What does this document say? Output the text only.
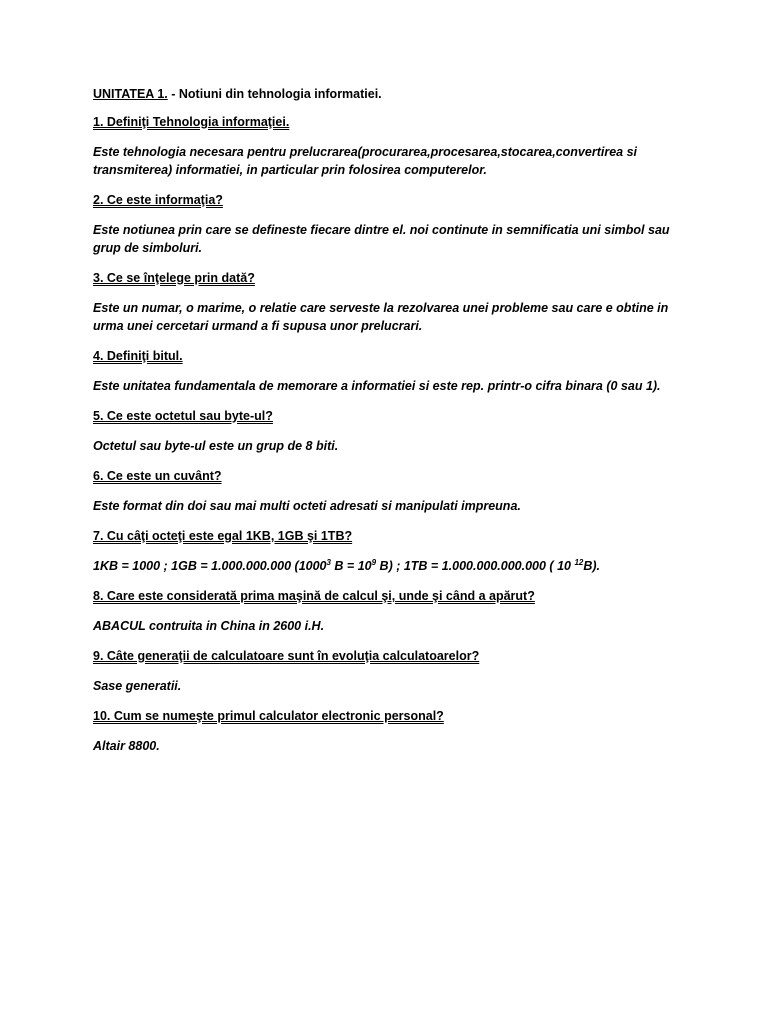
UNITATEA 1. - Notiuni din tehnologia informatiei.

1. Definiţi Tehnologia informaţiei.

Este tehnologia necesara pentru prelucrarea(procurarea,procesarea,stocarea,convertirea si transmiterea) informatiei, in particular prin folosirea computerelor.

2. Ce este informaţia?

Este notiunea prin care se defineste fiecare dintre el. noi continute in semnificatia uni simbol sau grup de simboluri.

3. Ce se înţelege prin dată?

Este un numar, o marime, o relatie care serveste la rezolvarea unei probleme sau care e obtine in urma unei cercetari urmand a fi supusa unor prelucrari.

4. Definiţi bitul.

Este unitatea fundamentala de memorare a informatiei si este rep. printr-o cifra binara (0 sau 1).

5. Ce este octetul sau byte-ul?

Octetul sau byte-ul este un grup de 8 biti.

6. Ce este un cuvânt?

Este format din doi sau mai multi octeti adresati si manipulati impreuna.

7. Cu câţi octeţi este egal 1KB, 1GB şi 1TB?

1KB = 1000 ; 1GB = 1.000.000.000 (1000$^3$ $B = 10^9$ B) ; 1TB = 1.000.000.000.000 ( 10 $^{12}$B).

8. Care este considerată prima maşină de calcul şi, unde şi când a apărut?

ABACUL contruita in China in 2600 i.H.

9. Câte generaţii de calculatoare sunt în evoluţia calculatoarelor?

Sase generatii.

10. Cum se numeşte primul calculator electronic personal?

Altair 8800.
